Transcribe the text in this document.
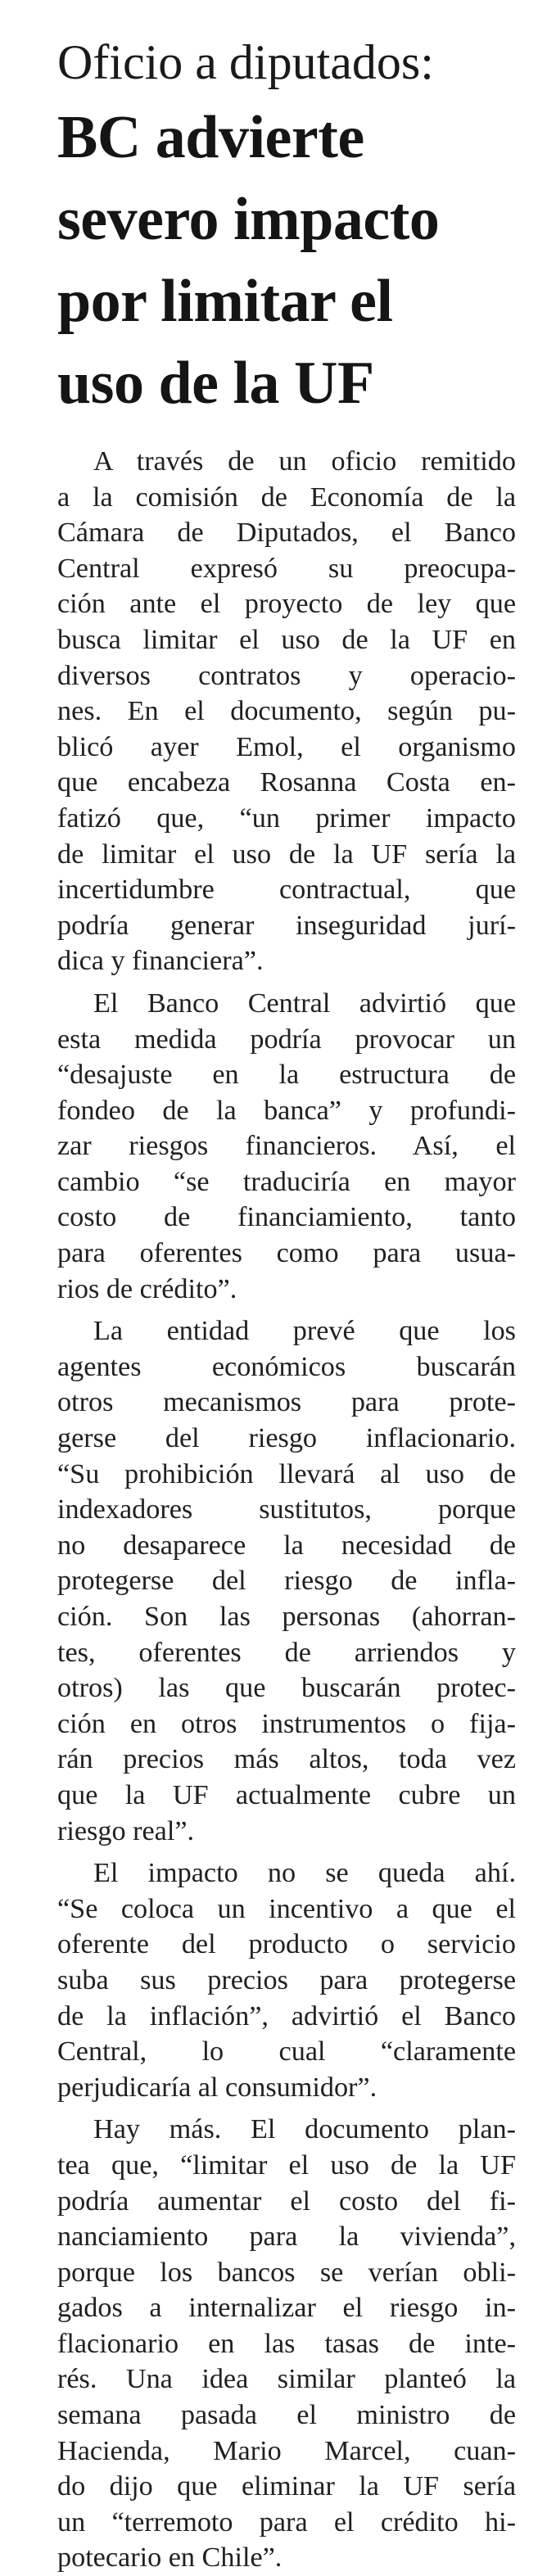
Oficio a diputados:
BC advierte
severo impacto
por limitar el
uso de la UF

A través de un oficio remitido
a la comisión de Economía de la
Cámara de Diputados, el Banco
Central expresó su preocupa-
ción ante el proyecto de ley que
busca limitar el uso de la UF en
diversos contratos y operacio-
nes. En el documento, según pu-
blicó ayer Emol, el organismo
que encabeza Rosanna Costa en-
fatizó que, “un primer impacto
de limitar el uso de la UF sería la
incertidumbre contractual, que
podría generar inseguridad jurí-
dica y financiera”.

El Banco Central advirtió que
esta medida podría provocar un
“desajuste en la estructura de
fondeo de la banca” y profundi-
zar riesgos financieros. Así, el
cambio “se traduciría en mayor
costo de financiamiento, tanto
para oferentes como para usua-
rios de crédito”.

La entidad prevé que los
agentes económicos buscarán
otros mecanismos para prote-
gerse del riesgo inflacionario.
“Su prohibición llevará al uso de
indexadores sustitutos, porque
no desaparece la necesidad de
protegerse del riesgo de infla-
ción. Son las personas (ahorran-
tes, oferentes de arriendos y
otros) las que buscarán protec-
ción en otros instrumentos o fija-
rán precios más altos, toda vez
que la UF actualmente cubre un
riesgo real”.

El impacto no se queda ahí.
“Se coloca un incentivo a que el
oferente del producto o servicio
suba sus precios para protegerse
de la inflación”, advirtió el Banco
Central, lo cual “claramente
perjudicaría al consumidor”.

Hay más. El documento plan-
tea que, “limitar el uso de la UF
podría aumentar el costo del fi-
nanciamiento para la vivienda”,
porque los bancos se verían obli-
gados a internalizar el riesgo in-
flacionario en las tasas de inte-
rés. Una idea similar planteó la
semana pasada el ministro de
Hacienda, Mario Marcel, cuan-
do dijo que eliminar la UF sería
un “terremoto para el crédito hi-
potecario en Chile”.
